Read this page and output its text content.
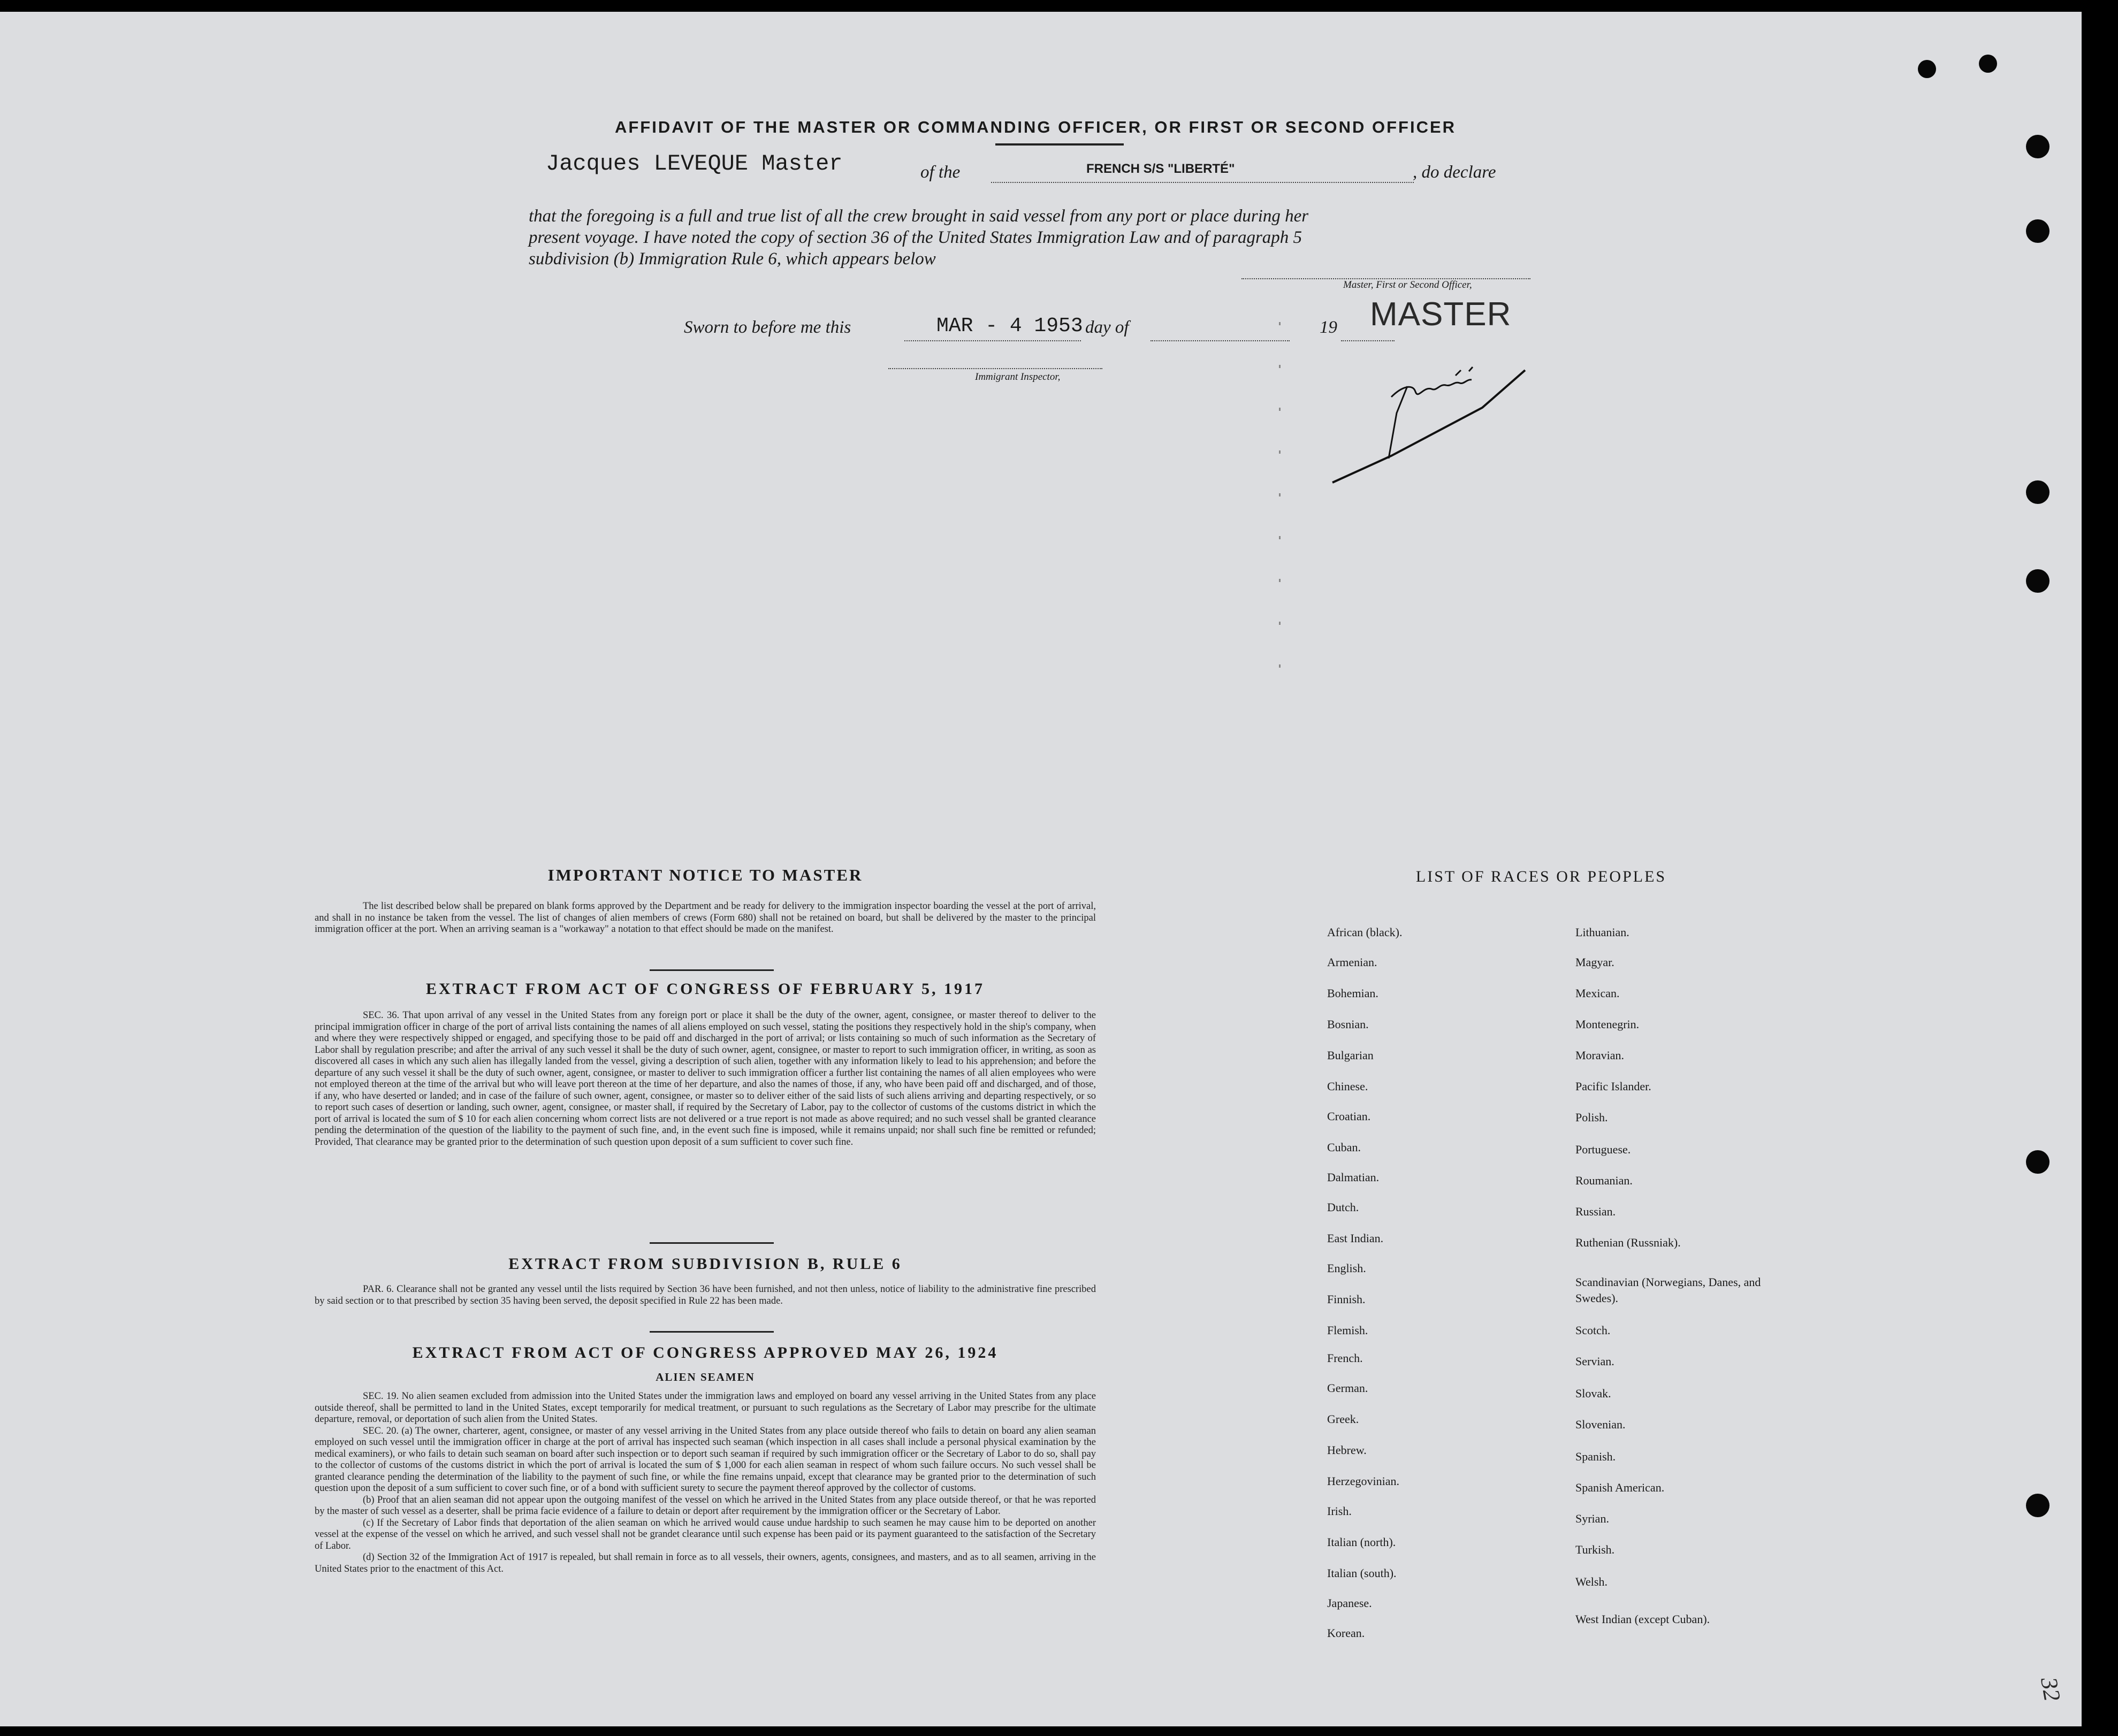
AFFIDAVIT OF THE MASTER OR COMMANDING OFFICER, OR FIRST OR SECOND OFFICER
Jacques LEVEQUE Master	of the	FRENCH S/S "LIBERTÉ"	, do declare
that the foregoing is a full and true list of all the crew brought in said vessel from any port or place during her
present voyage. I have noted the copy of section 36 of the United States Immigration Law and of paragraph 5
subdivision (b) Immigration Rule 6, which appears below
Master, First or Second Officer,
MASTER
Sworn to before me this	MAR - 4 1953 day of	19
Immigrant Inspector,
IMPORTANT NOTICE TO MASTER

The list described below shall be prepared on blank forms approved by the Department and be ready for delivery to the immigration inspector boarding the vessel at the port of arrival, and shall in no instance be taken from the vessel. The list of changes of alien members of crews (Form 680) shall not be retained on board, but shall be delivered by the master to the principal immigration officer at the port. When an arriving seaman is a "workaway" a notation to that effect should be made on the manifest.

EXTRACT FROM ACT OF CONGRESS OF FEBRUARY 5, 1917

SEC. 36. That upon arrival of any vessel in the United States from any foreign port or place it shall be the duty of the owner, agent, consignee, or master thereof to deliver to the principal immigration officer in charge of the port of arrival lists containing the names of all aliens employed on such vessel, stating the positions they respectively hold in the ship's company, when and where they were respectively shipped or engaged, and specifying those to be paid off and discharged in the port of arrival; or lists containing so much of such information as the Secretary of Labor shall by regulation prescribe; and after the arrival of any such vessel it shall be the duty of such owner, agent, consignee, or master to report to such immigration officer, in writing, as soon as discovered all cases in which any such alien has illegally landed from the vessel, giving a description of such alien, together with any information likely to lead to his apprehension; and before the departure of any such vessel it shall be the duty of such owner, agent, consignee, or master to deliver to such immigration officer a further list containing the names of all alien employees who were not employed thereon at the time of the arrival but who will leave port thereon at the time of her departure, and also the names of those, if any, who have been paid off and discharged, and of those, if any, who have deserted or landed; and in case of the failure of such owner, agent, consignee, or master so to deliver either of the said lists of such aliens arriving and departing respectively, or so to report such cases of desertion or landing, such owner, agent, consignee, or master shall, if required by the Secretary of Labor, pay to the collector of customs of the customs district in which the port of arrival is located the sum of $ 10 for each alien concerning whom correct lists are not delivered or a true report is not made as above required; and no such vessel shall be granted clearance pending the determination of the question of the liability to the payment of such fine, and, in the event such fine is imposed, while it remains unpaid; nor shall such fine be remitted or refunded; Provided, That clearance may be granted prior to the determination of such question upon deposit of a sum sufficient to cover such fine.

EXTRACT FROM SUBDIVISION B, RULE 6

PAR. 6. Clearance shall not be granted any vessel until the lists required by Section 36 have been furnished, and not then unless, notice of liability to the administrative fine prescribed by said section or to that prescribed by section 35 having been served, the deposit specified in Rule 22 has been made.

EXTRACT FROM ACT OF CONGRESS APPROVED MAY 26, 1924
ALIEN SEAMEN

SEC. 19. No alien seamen excluded from admission into the United States under the immigration laws and employed on board any vessel arriving in the United States from any place outside thereof, shall be permitted to land in the United States, except temporarily for medical treatment, or pursuant to such regulations as the Secretary of Labor may prescribe for the ultimate departure, removal, or deportation of such alien from the United States.

SEC. 20. (a) The owner, charterer, agent, consignee, or master of any vessel arriving in the United States from any place outside thereof who fails to detain on board any alien seaman employed on such vessel until the immigration officer in charge at the port of arrival has inspected such seaman (which inspection in all cases shall include a personal physical examination by the medical examiners), or who fails to detain such seaman on board after such inspection or to deport such seaman if required by such immigration officer or the Secretary of Labor to do so, shall pay to the collector of customs of the customs district in which the port of arrival is located the sum of $ 1,000 for each alien seaman in respect of whom such failure occurs. No such vessel shall be granted clearance pending the determination of the liability to the payment of such fine, or while the fine remains unpaid, except that clearance may be granted prior to the determination of such question upon the deposit of a sum sufficient to cover such fine, or of a bond with sufficient surety to secure the payment thereof approved by the collector of customs.

(b) Proof that an alien seaman did not appear upon the outgoing manifest of the vessel on which he arrived in the United States from any place outside thereof, or that he was reported by the master of such vessel as a deserter, shall be prima facie evidence of a failure to detain or deport after requirement by the immigration officer or the Secretary of Labor.

(c) If the Secretary of Labor finds that deportation of the alien seaman on which he arrived would cause undue hardship to such seamen he may cause him to be deported on another vessel at the expense of the vessel on which he arrived, and such vessel shall not be grandet clearance until such expense has been paid or its payment guaranteed to the satisfaction of the Secretary of Labor.

(d) Section 32 of the Immigration Act of 1917 is repealed, but shall remain in force as to all vessels, their owners, agents, consignees, and masters, and as to all seamen, arriving in the United States prior to the enactment of this Act.

LIST OF RACES OR PEOPLES
African (black).
Armenian.
Bohemian.
Bosnian.
Bulgarian
Chinese.
Croatian.
Cuban.
Dalmatian.
Dutch.
East Indian.
English.
Finnish.
Flemish.
French.
German.
Greek.
Hebrew.
Herzegovinian.
Irish.
Italian (north).
Italian (south).
Japanese.
Korean.
Lithuanian.
Magyar.
Mexican.
Montenegrin.
Moravian.
Pacific Islander.
Polish.
Portuguese.
Roumanian.
Russian.
Ruthenian (Russniak).
Scandinavian (Norwegians, Danes, and Swedes).
Scotch.
Servian.
Slovak.
Slovenian.
Spanish.
Spanish American.
Syrian.
Turkish.
Welsh.
West Indian (except Cuban).
32
